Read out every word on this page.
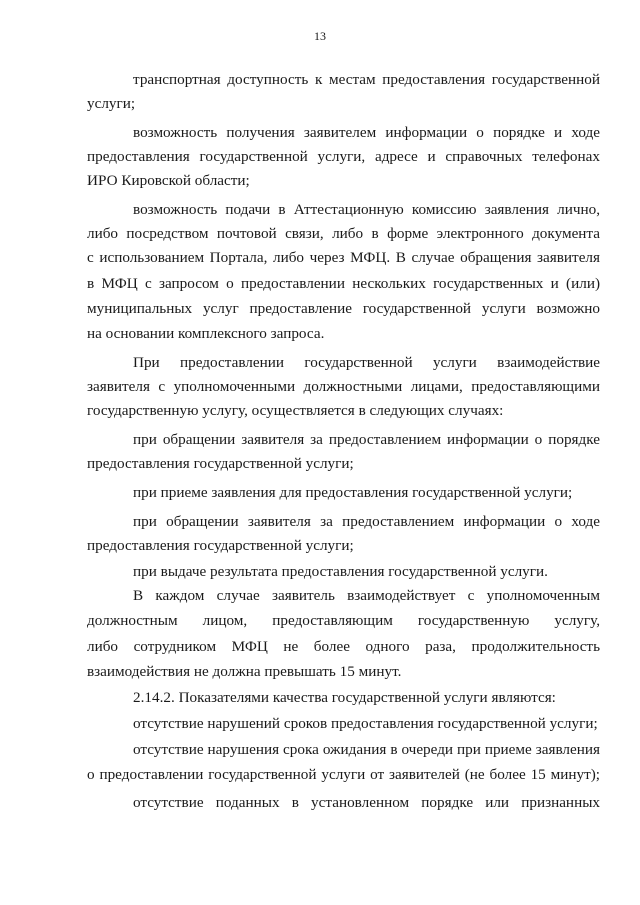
13
транспортная доступность к местам предоставления государственной
услуги;
возможность получения заявителем информации о порядке и ходе
предоставления государственной услуги, адресе и справочных телефонах
ИРО Кировской области;
возможность подачи в Аттестационную комиссию заявления лично,
либо посредством почтовой связи, либо в форме электронного документа
с использованием Портала, либо через МФЦ. В случае обращения заявителя
в МФЦ с запросом о предоставлении нескольких государственных и (или)
муниципальных услуг предоставление государственной услуги возможно
на основании комплексного запроса.
При предоставлении государственной услуги взаимодействие
заявителя с уполномоченными должностными лицами, предоставляющими
государственную услугу, осуществляется в следующих случаях:
при обращении заявителя за предоставлением информации о порядке
предоставления государственной услуги;
при приеме заявления для предоставления государственной услуги;
при обращении заявителя за предоставлением информации о ходе
предоставления государственной услуги;
при выдаче результата предоставления государственной услуги.
В каждом случае заявитель взаимодействует с уполномоченным
должностным лицом, предоставляющим государственную услугу,
либо сотрудником МФЦ не более одного раза, продолжительность
взаимодействия не должна превышать 15 минут.
2.14.2. Показателями качества государственной услуги являются:
отсутствие нарушений сроков предоставления государственной услуги;
отсутствие нарушения срока ожидания в очереди при приеме заявления
о предоставлении государственной услуги от заявителей (не более 15 минут);
отсутствие поданных в установленном порядке или признанных
